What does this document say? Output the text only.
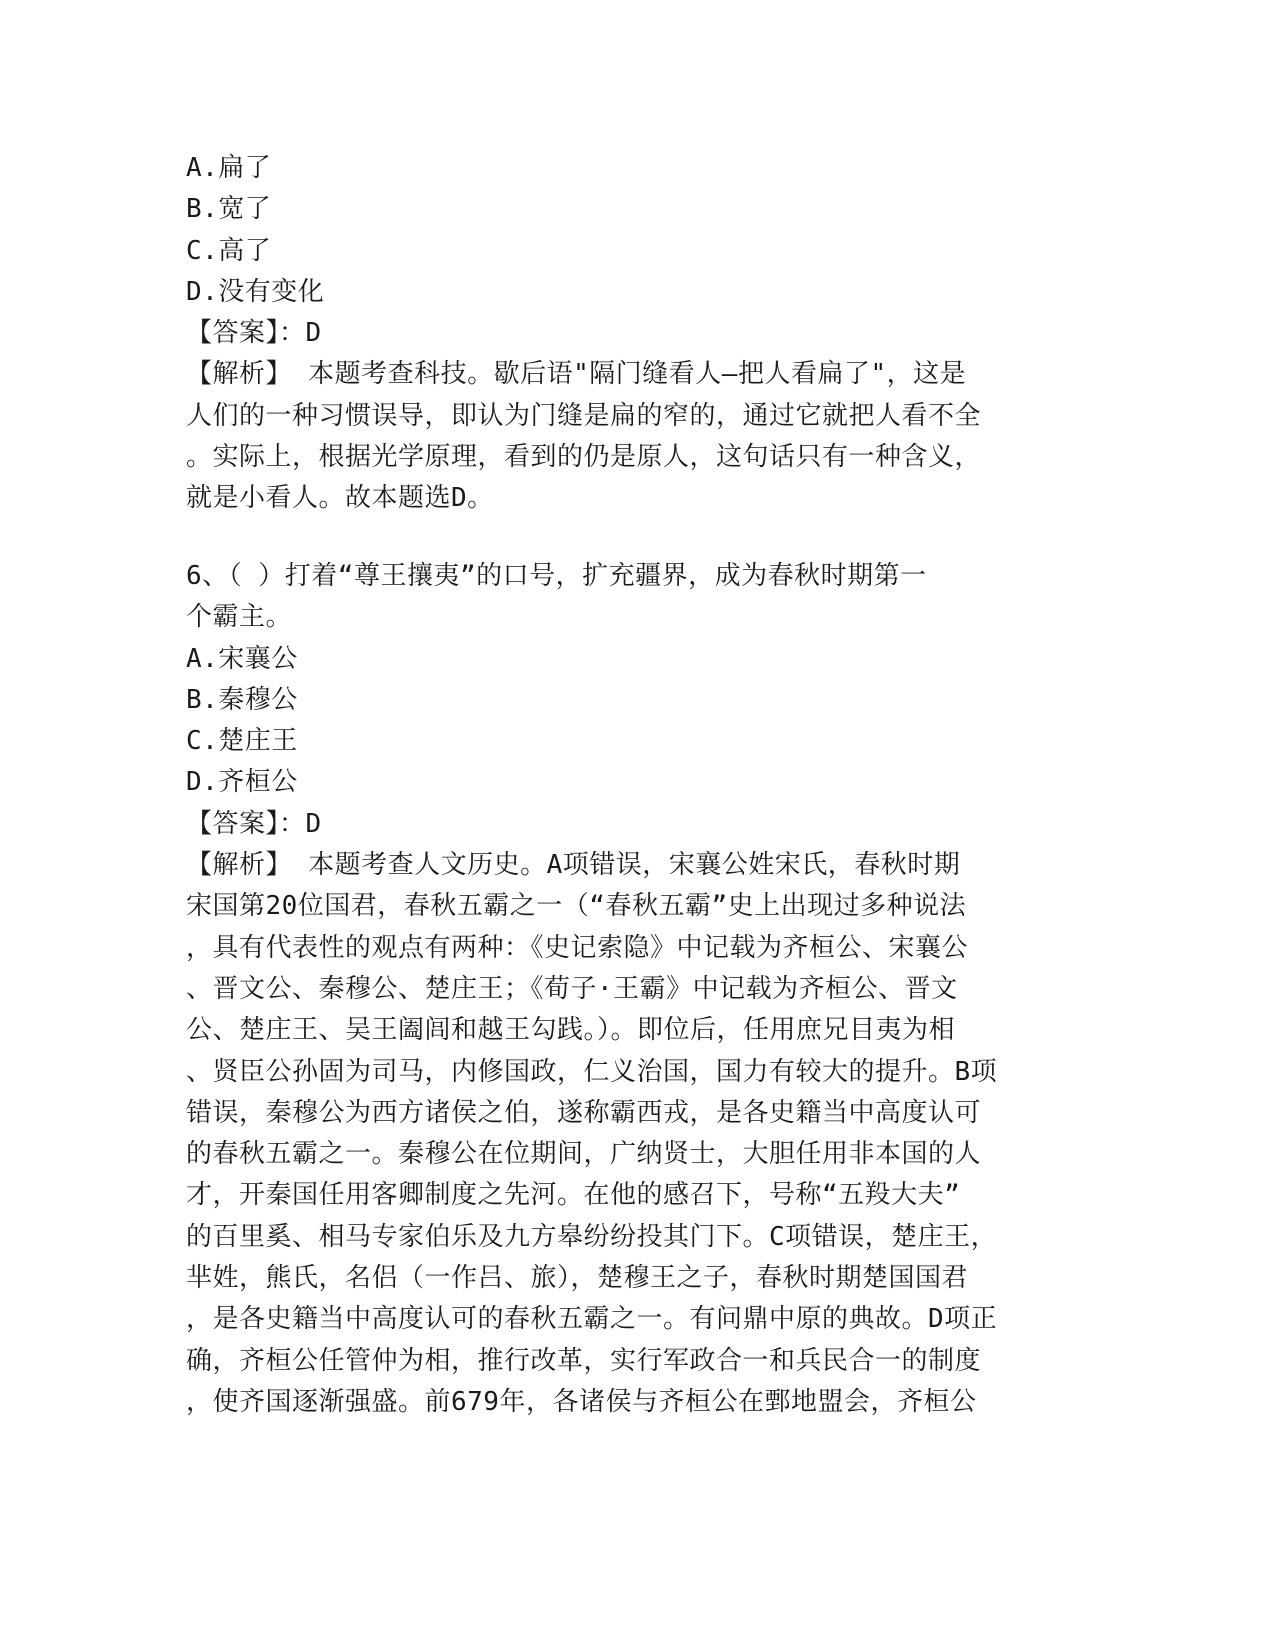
A.扁了
B.宽了
C.高了
D.没有变化
【答案】：D
【解析】 本题考查科技。歇后语"隔门缝看人—把人看扁了"，这是
人们的一种习惯误导，即认为门缝是扁的窄的，通过它就把人看不全
。实际上，根据光学原理，看到的仍是原人，这句话只有一种含义，
就是小看人。故本题选D。
6、（ ）打着“尊王攘夷”的口号，扩充疆界，成为春秋时期第一
个霸主。
A.宋襄公
B.秦穆公
C.楚庄王
D.齐桓公
【答案】：D
【解析】 本题考查人文历史。A项错误，宋襄公姓宋氏，春秋时期
宋国第20位国君，春秋五霸之一（“春秋五霸”史上出现过多种说法
，具有代表性的观点有两种：《史记索隐》中记载为齐桓公、宋襄公
、晋文公、秦穆公、楚庄王；《荀子·王霸》中记载为齐桓公、晋文
公、楚庄王、吴王阖闾和越王勾践。）。即位后，任用庶兄目夷为相
、贤臣公孙固为司马，内修国政，仁义治国，国力有较大的提升。B项
错误，秦穆公为西方诸侯之伯，遂称霸西戎，是各史籍当中高度认可
的春秋五霸之一。秦穆公在位期间，广纳贤士，大胆任用非本国的人
才，开秦国任用客卿制度之先河。在他的感召下，号称“五羖大夫”
的百里奚、相马专家伯乐及九方皋纷纷投其门下。C项错误，楚庄王，
芈姓，熊氏，名侣（一作吕、旅），楚穆王之子，春秋时期楚国国君
，是各史籍当中高度认可的春秋五霸之一。有问鼎中原的典故。D项正
确，齐桓公任管仲为相，推行改革，实行军政合一和兵民合一的制度
，使齐国逐渐强盛。前679年，各诸侯与齐桓公在鄄地盟会，齐桓公
